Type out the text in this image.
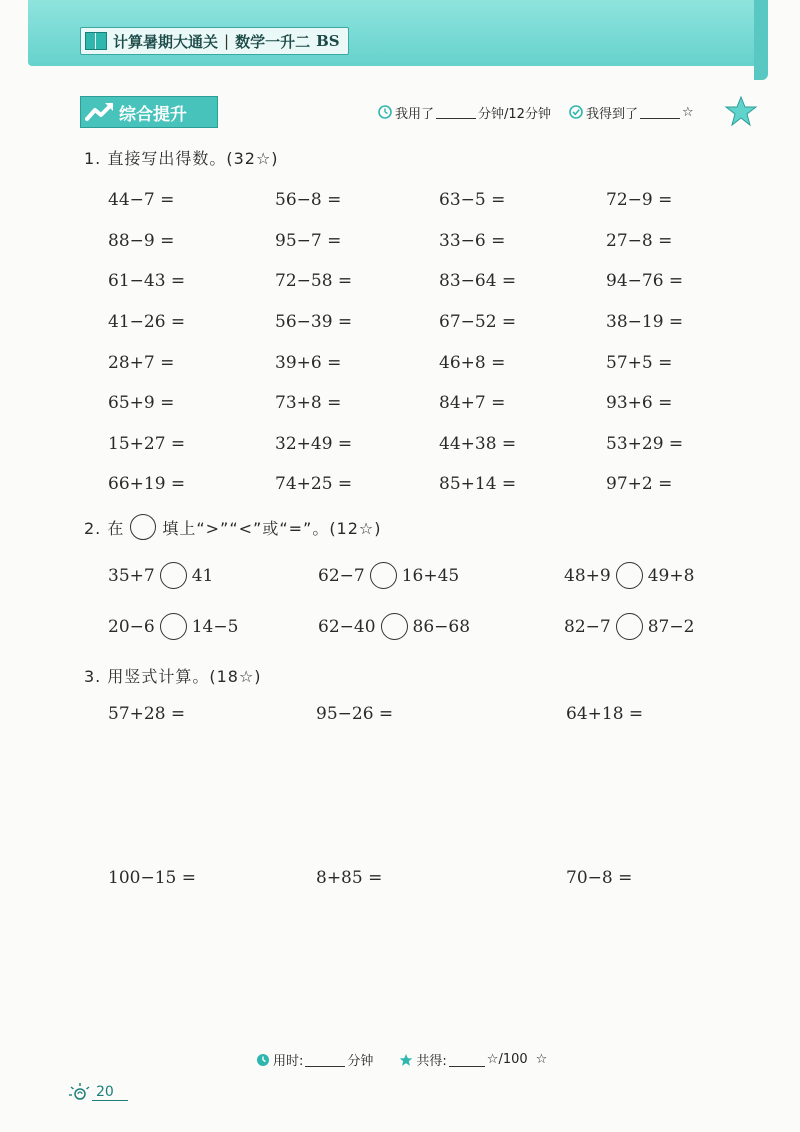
计算暑期大通关 | 数学一升二 BS
综合提升	我用了	分钟/12分钟	我得到了	☆
1. 直接写出得数。(32☆)
44−7 =	56−8 =	63−5 =	72−9 =
88−9 =	95−7 =	33−6 =	27−8 =
61−43 =	72−58 =	83−64 =	94−76 =
41−26 =	56−39 =	67−52 =	38−19 =
28+7 =	39+6 =	46+8 =	57+5 =
65+9 =	73+8 =	84+7 =	93+6 =
15+27 =	32+49 =	44+38 =	53+29 =
66+19 =	74+25 =	85+14 =	97+2 =
2. 在 填上“>”“<”或“=”。(12☆)
35+7 41	62−7 16+45	48+9 49+8
20−6 14−5	62−40 86−68	82−7 87−2
3. 用竖式计算。(18☆)
57+28 =	95−26 =	64+18 =
100−15 =	8+85 =	70−8 =
用时:	分钟	共得:	☆/100 ☆
20
